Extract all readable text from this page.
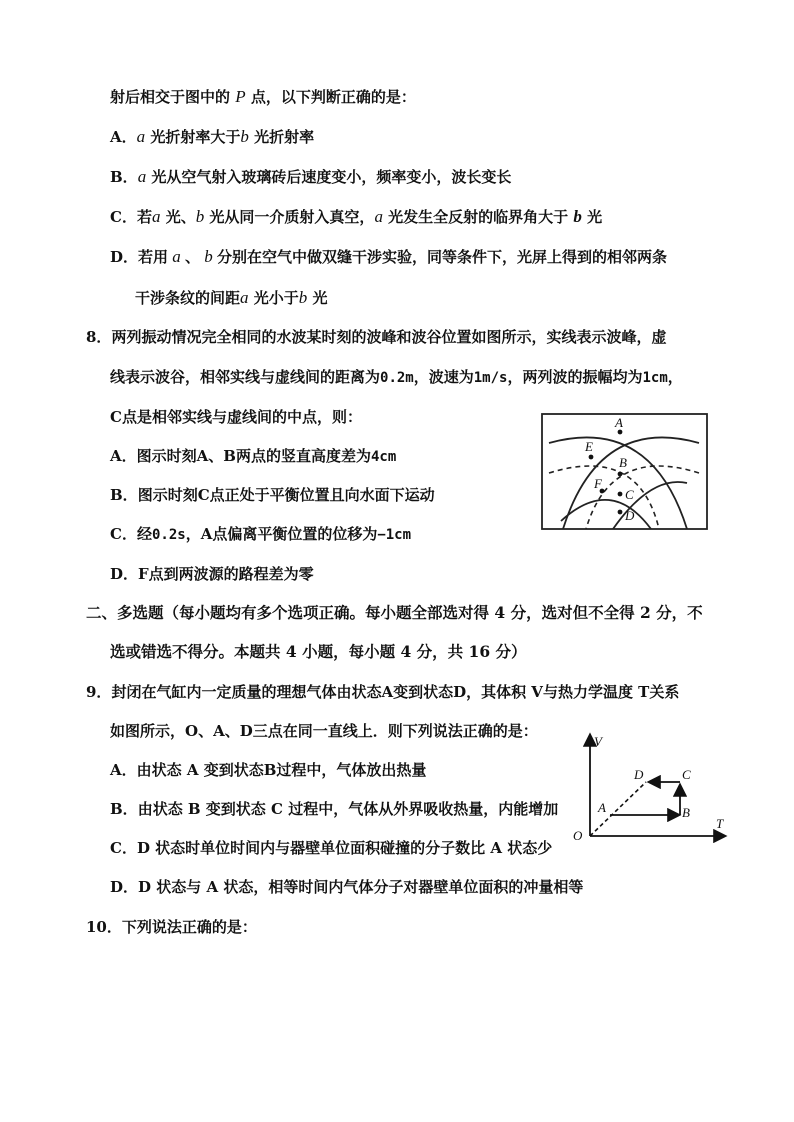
射后相交于图中的 P 点，以下判断正确的是：
A．a 光折射率大于b 光折射率
B．a 光从空气射入玻璃砖后速度变小，频率变小，波长变长
C．若a 光、b 光从同一介质射入真空，a 光发生全反射的临界角大于 b 光
D．若用 a 、 b 分别在空气中做双缝干涉实验，同等条件下，光屏上得到的相邻两条
干涉条纹的间距a 光小于b 光
8．两列振动情况完全相同的水波某时刻的波峰和波谷位置如图所示，实线表示波峰，虚
线表示波谷，相邻实线与虚线间的距离为0.2m，波速为1m/s，两列波的振幅均为1cm，
C点是相邻实线与虚线间的中点，则：
A．图示时刻A、B两点的竖直高度差为4cm
B．图示时刻C点正处于平衡位置且向水面下运动
C．经0.2s，A点偏离平衡位置的位移为−1cm
D．F点到两波源的路程差为零
A
E
B
F
C
D
二、多选题（每小题均有多个选项正确。每小题全部选对得 4 分，选对但不全得 2 分，不
选或错选不得分。本题共 4 小题，每小题 4 分，共 16 分）
9．封闭在气缸内一定质量的理想气体由状态A变到状态D，其体积 V与热力学温度 T关系
如图所示，O、A、D三点在同一直线上．则下列说法正确的是：
A．由状态 A 变到状态B过程中，气体放出热量
B．由状态 B 变到状态 C 过程中，气体从外界吸收热量，内能增加
C．D 状态时单位时间内与器壁单位面积碰撞的分子数比 A 状态少
D．D 状态与 A 状态，相等时间内气体分子对器壁单位面积的冲量相等
V
T
O
A	B
C
D
10．下列说法正确的是：
